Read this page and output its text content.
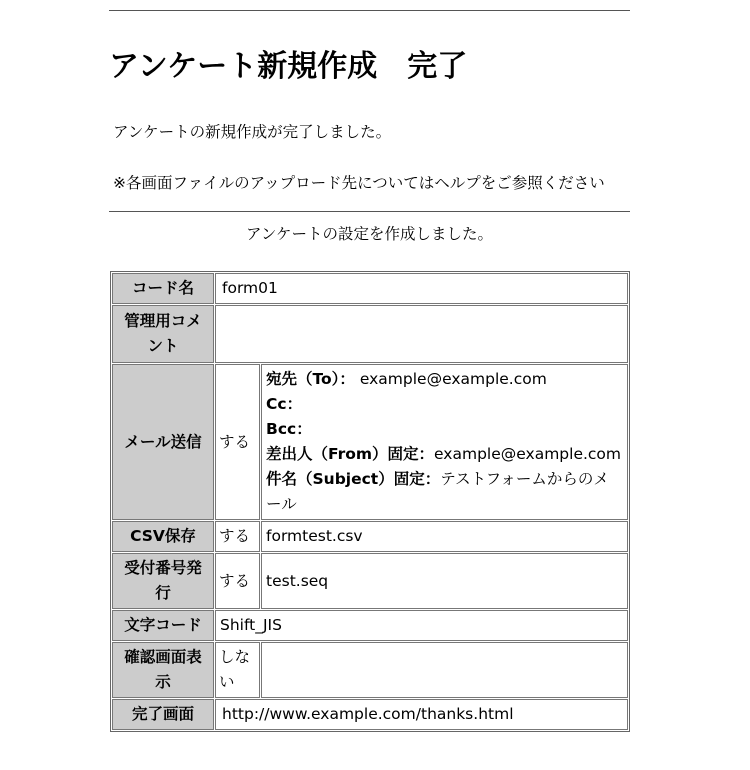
アンケート新規作成　完了
アンケートの新規作成が完了しました。
※各画面ファイルのアップロード先についてはヘルプをご参照ください
アンケートの設定を作成しました。
コード名	form01	
管理用コメント		
メール送信	する	宛先（To）： example@example.com
Cc：
Bcc：
差出人（From）固定：example@example.com
件名（Subject）固定：テストフォームからのメール

CSV保存	する	formtest.csv
受付番号発行	する	test.seq
文字コード	Shift_JIS	
確認画面表示	しない	
完了画面	http://www.example.com/thanks.html	
